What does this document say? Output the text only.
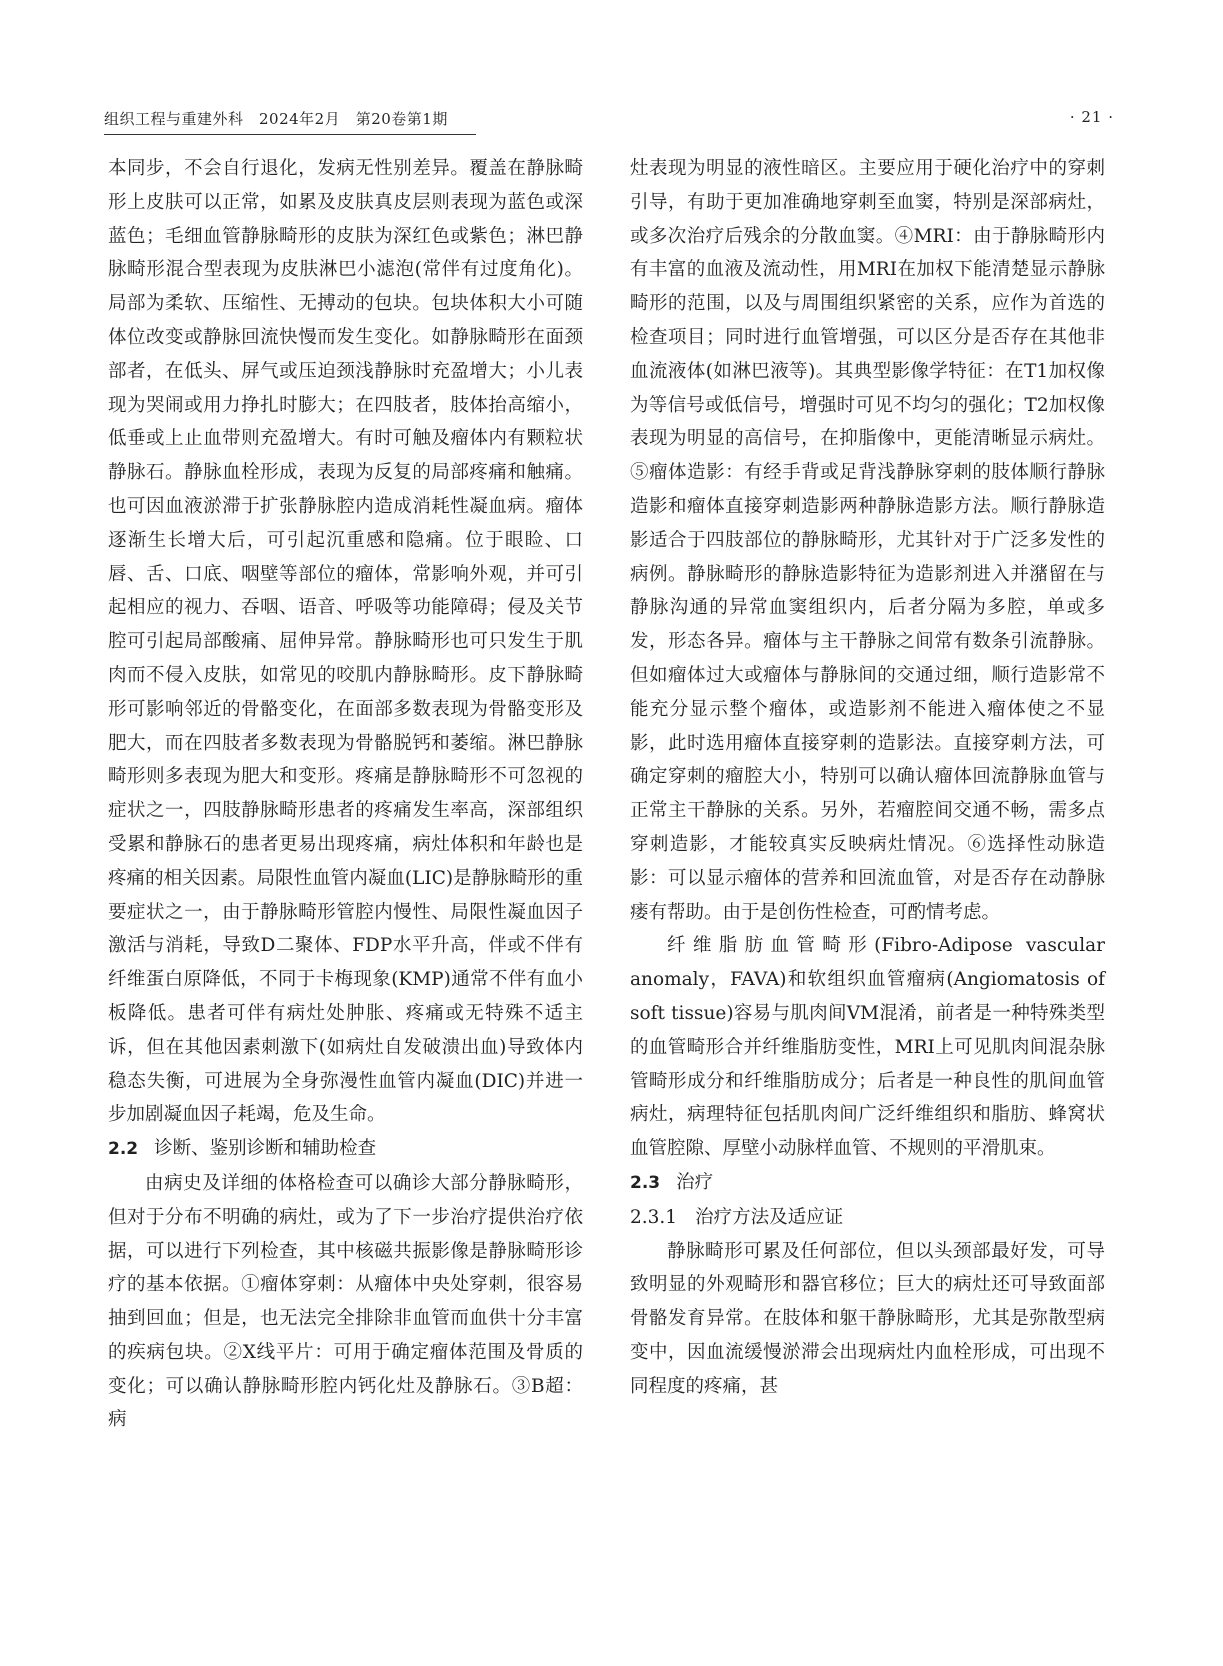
组织工程与重建外科　2024年2月　第20卷第1期	· 21 ·

本同步，不会自行退化，发病无性别差异。覆盖在静脉畸形上皮肤可以正常，如累及皮肤真皮层则表现为蓝色或深蓝色；毛细血管静脉畸形的皮肤为深红色或紫色；淋巴静脉畸形混合型表现为皮肤淋巴小滤泡(常伴有过度角化)。局部为柔软、压缩性、无搏动的包块。包块体积大小可随体位改变或静脉回流快慢而发生变化。如静脉畸形在面颈部者，在低头、屏气或压迫颈浅静脉时充盈增大；小儿表现为哭闹或用力挣扎时膨大；在四肢者，肢体抬高缩小，低垂或上止血带则充盈增大。有时可触及瘤体内有颗粒状静脉石。静脉血栓形成，表现为反复的局部疼痛和触痛。也可因血液淤滞于扩张静脉腔内造成消耗性凝血病。瘤体逐渐生长增大后，可引起沉重感和隐痛。位于眼睑、口唇、舌、口底、咽壁等部位的瘤体，常影响外观，并可引起相应的视力、吞咽、语音、呼吸等功能障碍；侵及关节腔可引起局部酸痛、屈伸异常。静脉畸形也可只发生于肌肉而不侵入皮肤，如常见的咬肌内静脉畸形。皮下静脉畸形可影响邻近的骨骼变化，在面部多数表现为骨骼变形及肥大，而在四肢者多数表现为骨骼脱钙和萎缩。淋巴静脉畸形则多表现为肥大和变形。疼痛是静脉畸形不可忽视的症状之一，四肢静脉畸形患者的疼痛发生率高，深部组织受累和静脉石的患者更易出现疼痛，病灶体积和年龄也是疼痛的相关因素。局限性血管内凝血(LIC)是静脉畸形的重要症状之一，由于静脉畸形管腔内慢性、局限性凝血因子激活与消耗，导致D二聚体、FDP水平升高，伴或不伴有纤维蛋白原降低，不同于卡梅现象(KMP)通常不伴有血小板降低。患者可伴有病灶处肿胀、疼痛或无特殊不适主诉，但在其他因素刺激下(如病灶自发破溃出血)导致体内稳态失衡，可进展为全身弥漫性血管内凝血(DIC)并进一步加剧凝血因子耗竭，危及生命。

2.2 诊断、鉴别诊断和辅助检查

由病史及详细的体格检查可以确诊大部分静脉畸形，但对于分布不明确的病灶，或为了下一步治疗提供治疗依据，可以进行下列检查，其中核磁共振影像是静脉畸形诊疗的基本依据。①瘤体穿刺：从瘤体中央处穿刺，很容易抽到回血；但是，也无法完全排除非血管而血供十分丰富的疾病包块。②X线平片：可用于确定瘤体范围及骨质的变化；可以确认静脉畸形腔内钙化灶及静脉石。③B超：病

灶表现为明显的液性暗区。主要应用于硬化治疗中的穿刺引导，有助于更加准确地穿刺至血窦，特别是深部病灶，或多次治疗后残余的分散血窦。④MRI：由于静脉畸形内有丰富的血液及流动性，用MRI在加权下能清楚显示静脉畸形的范围，以及与周围组织紧密的关系，应作为首选的检查项目；同时进行血管增强，可以区分是否存在其他非血流液体(如淋巴液等)。其典型影像学特征：在T1加权像为等信号或低信号，增强时可见不均匀的强化；T2加权像表现为明显的高信号，在抑脂像中，更能清晰显示病灶。⑤瘤体造影：有经手背或足背浅静脉穿刺的肢体顺行静脉造影和瘤体直接穿刺造影两种静脉造影方法。顺行静脉造影适合于四肢部位的静脉畸形，尤其针对于广泛多发性的病例。静脉畸形的静脉造影特征为造影剂进入并潴留在与静脉沟通的异常血窦组织内，后者分隔为多腔，单或多发，形态各异。瘤体与主干静脉之间常有数条引流静脉。但如瘤体过大或瘤体与静脉间的交通过细，顺行造影常不能充分显示整个瘤体，或造影剂不能进入瘤体使之不显影，此时选用瘤体直接穿刺的造影法。直接穿刺方法，可确定穿刺的瘤腔大小，特别可以确认瘤体回流静脉血管与正常主干静脉的关系。另外，若瘤腔间交通不畅，需多点穿刺造影，才能较真实反映病灶情况。⑥选择性动脉造影：可以显示瘤体的营养和回流血管，对是否存在动静脉瘘有帮助。由于是创伤性检查，可酌情考虑。

纤维脂肪血管畸形(Fibro-Adipose vascular anomaly，FAVA)和软组织血管瘤病(Angiomatosis of soft tissue)容易与肌肉间VM混淆，前者是一种特殊类型的血管畸形合并纤维脂肪变性，MRI上可见肌肉间混杂脉管畸形成分和纤维脂肪成分；后者是一种良性的肌间血管病灶，病理特征包括肌肉间广泛纤维组织和脂肪、蜂窝状血管腔隙、厚壁小动脉样血管、不规则的平滑肌束。

2.3 治疗
2.3.1 治疗方法及适应证

静脉畸形可累及任何部位，但以头颈部最好发，可导致明显的外观畸形和器官移位；巨大的病灶还可导致面部骨骼发育异常。在肢体和躯干静脉畸形，尤其是弥散型病变中，因血流缓慢淤滞会出现病灶内血栓形成，可出现不同程度的疼痛，甚
